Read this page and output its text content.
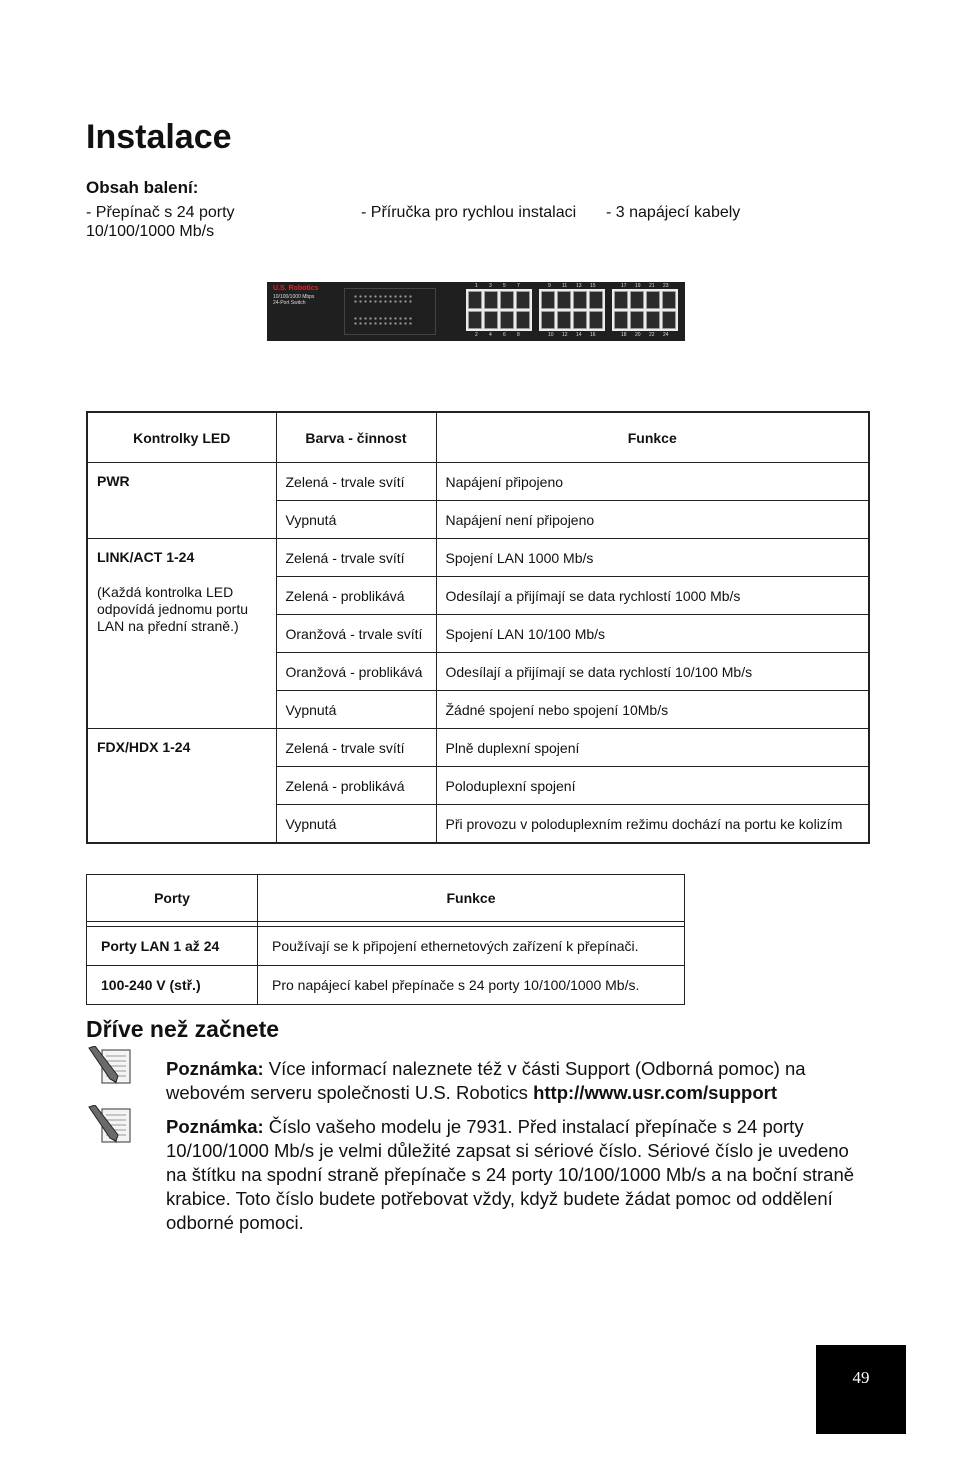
Instalace
Obsah balení:
- Přepínač s 24 porty   10/100/1000 Mb/s
- Příručka pro rychlou instalaci - 3 napájecí kabely
U.S. Robotics
10/100/1000 Mbps
24-Port Switch
1 3 5 7	9 11 13 15	17 19 21 23
2 4 6 8	10 12 14 16	18 20 22 24
Kontrolky LED	Barva - činnost	Funkce
PWR	Zelená - trvale svítí	Napájení připojeno
	Vypnutá	Napájení není připojeno
LINK/ACT 1-24
(Každá kontrolka LED odpovídá jednomu portu LAN na přední straně.)	Zelená - trvale svítí	Spojení LAN 1000 Mb/s
	Zelená - problikává	Odesílají a přijímají se data rychlostí 1000 Mb/s
	Oranžová - trvale svítí	Spojení LAN 10/100 Mb/s
	Oranžová - problikává	Odesílají a přijímají se data rychlostí 10/100 Mb/s
	Vypnutá	Žádné spojení nebo spojení 10Mb/s
FDX/HDX 1-24	Zelená - trvale svítí	Plně duplexní spojení
	Zelená - problikává	Poloduplexní spojení
	Vypnutá	Při provozu v poloduplexním režimu dochází na portu ke kolizím
Porty	Funkce

Porty LAN 1 až 24	Používají se k připojení ethernetových zařízení k přepínači.
100-240 V (stř.)	Pro napájecí kabel přepínače s 24 porty 10/100/1000 Mb/s.
Dříve než začnete
Poznámka: Více informací naleznete též v části Support (Odborná pomoc) na webovém serveru společnosti U.S. Robotics http://www.usr.com/support
Poznámka: Číslo vašeho modelu je 7931. Před instalací přepínače s 24 porty 10/100/1000 Mb/s je velmi důležité zapsat si sériové číslo. Sériové číslo je uvedeno na štítku na spodní straně přepínače s 24 porty 10/100/1000 Mb/s a na boční straně krabice. Toto číslo budete potřebovat vždy, když budete žádat pomoc od oddělení odborné pomoci.
49
